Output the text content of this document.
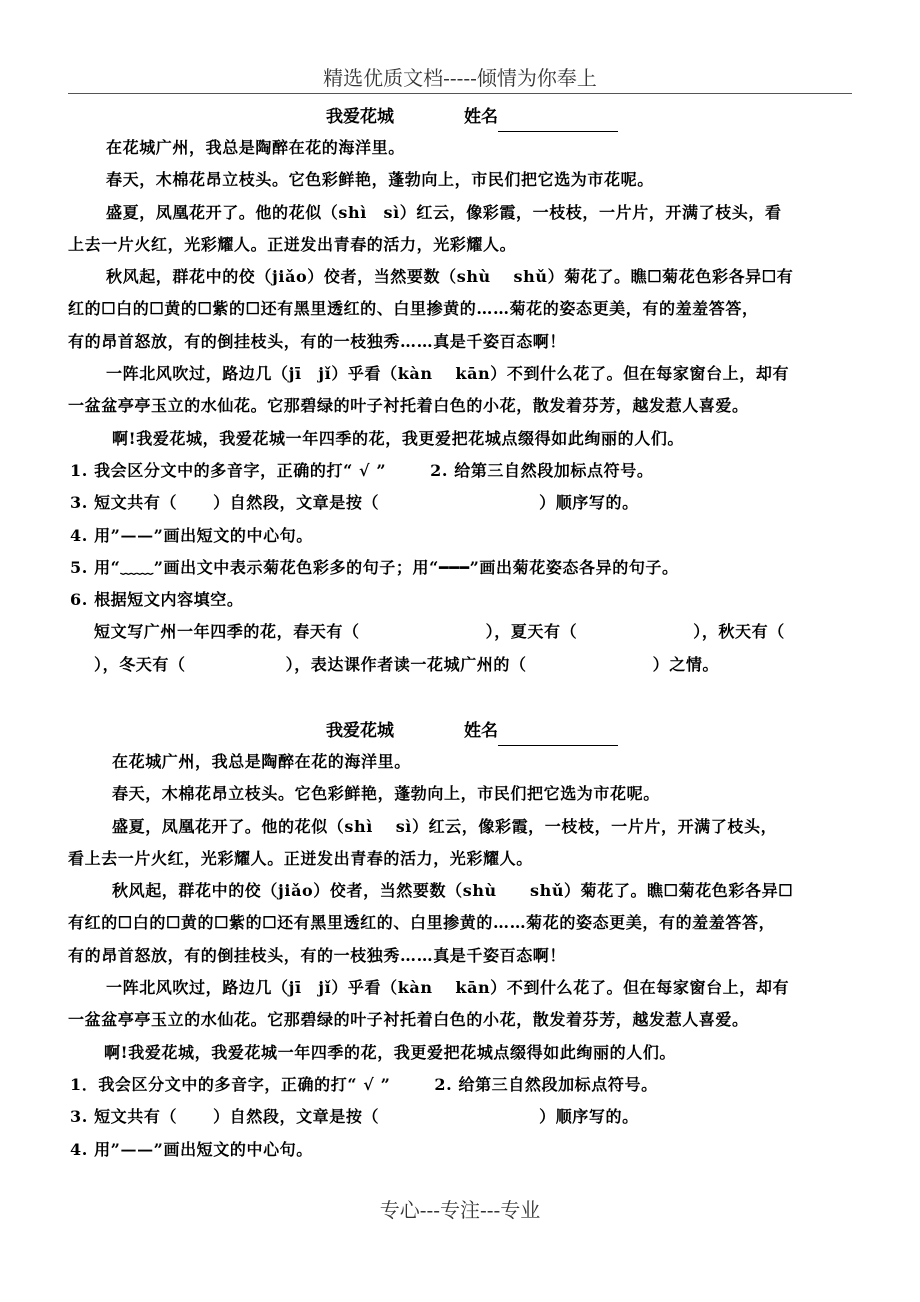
精选优质文档-----倾情为你奉上
我爱花城	姓名

在花城广州，我总是陶醉在花的海洋里。

春天，木棉花昂立枝头。它色彩鲜艳，蓬勃向上，市民们把它选为市花呢。

盛夏，凤凰花开了。他的花似（shì　sì）红云，像彩霞，一枝枝，一片片，开满了枝头，看

上去一片火红，光彩耀人。正迸发出青春的活力，光彩耀人。

秋风起，群花中的佼（jiǎo）佼者，当然要数（shù　 shǔ）菊花了。瞧☐菊花色彩各异☐有

红的☐白的☐黄的☐紫的☐还有黑里透红的、白里掺黄的……菊花的姿态更美，有的羞羞答答，

有的昂首怒放，有的倒挂枝头，有的一枝独秀……真是千姿百态啊！

一阵北风吹过，路边几（jī　jǐ）乎看（kàn　 kān）不到什么花了。但在每家窗台上，却有

一盆盆亭亭玉立的水仙花。它那碧绿的叶子衬托着白色的小花，散发着芬芳，越发惹人喜爱。

啊!我爱花城，我爱花城一年四季的花，我更爱把花城点缀得如此绚丽的人们。

1. 我会区分文中的多音字，正确的打“ √ ”	2. 给第三自然段加标点符号。

3. 短文共有（ ）自然段，文章是按（	）顺序写的。

4. 用”——”画出短文的中心句。

5. 用“﹏﹏”画出文中表示菊花色彩多的句子；用“━━━”画出菊花姿态各异的句子。

6. 根据短文内容填空。

短文写广州一年四季的花，春天有（	），夏天有（	），秋天有（

），冬天有（	），表达课作者读一花城广州的（	）之情。

我爱花城	姓名

在花城广州，我总是陶醉在花的海洋里。

春天，木棉花昂立枝头。它色彩鲜艳，蓬勃向上，市民们把它选为市花呢。

盛夏，凤凰花开了。他的花似（shì　 sì）红云，像彩霞，一枝枝，一片片，开满了枝头，

看上去一片火红，光彩耀人。正迸发出青春的活力，光彩耀人。

秋风起，群花中的佼（jiǎo）佼者，当然要数（shù　　shǔ）菊花了。瞧☐菊花色彩各异☐

有红的☐白的☐黄的☐紫的☐还有黑里透红的、白里掺黄的……菊花的姿态更美，有的羞羞答答，

有的昂首怒放，有的倒挂枝头，有的一枝独秀……真是千姿百态啊！

一阵北风吹过，路边几（jī　jǐ）乎看（kàn　 kān）不到什么花了。但在每家窗台上，却有

一盆盆亭亭玉立的水仙花。它那碧绿的叶子衬托着白色的小花，散发着芬芳，越发惹人喜爱。

啊!我爱花城，我爱花城一年四季的花，我更爱把花城点缀得如此绚丽的人们。

1．我会区分文中的多音字，正确的打“ √ ”	2. 给第三自然段加标点符号。

3. 短文共有（ ）自然段，文章是按（	）顺序写的。

4. 用”——”画出短文的中心句。

专心---专注---专业
